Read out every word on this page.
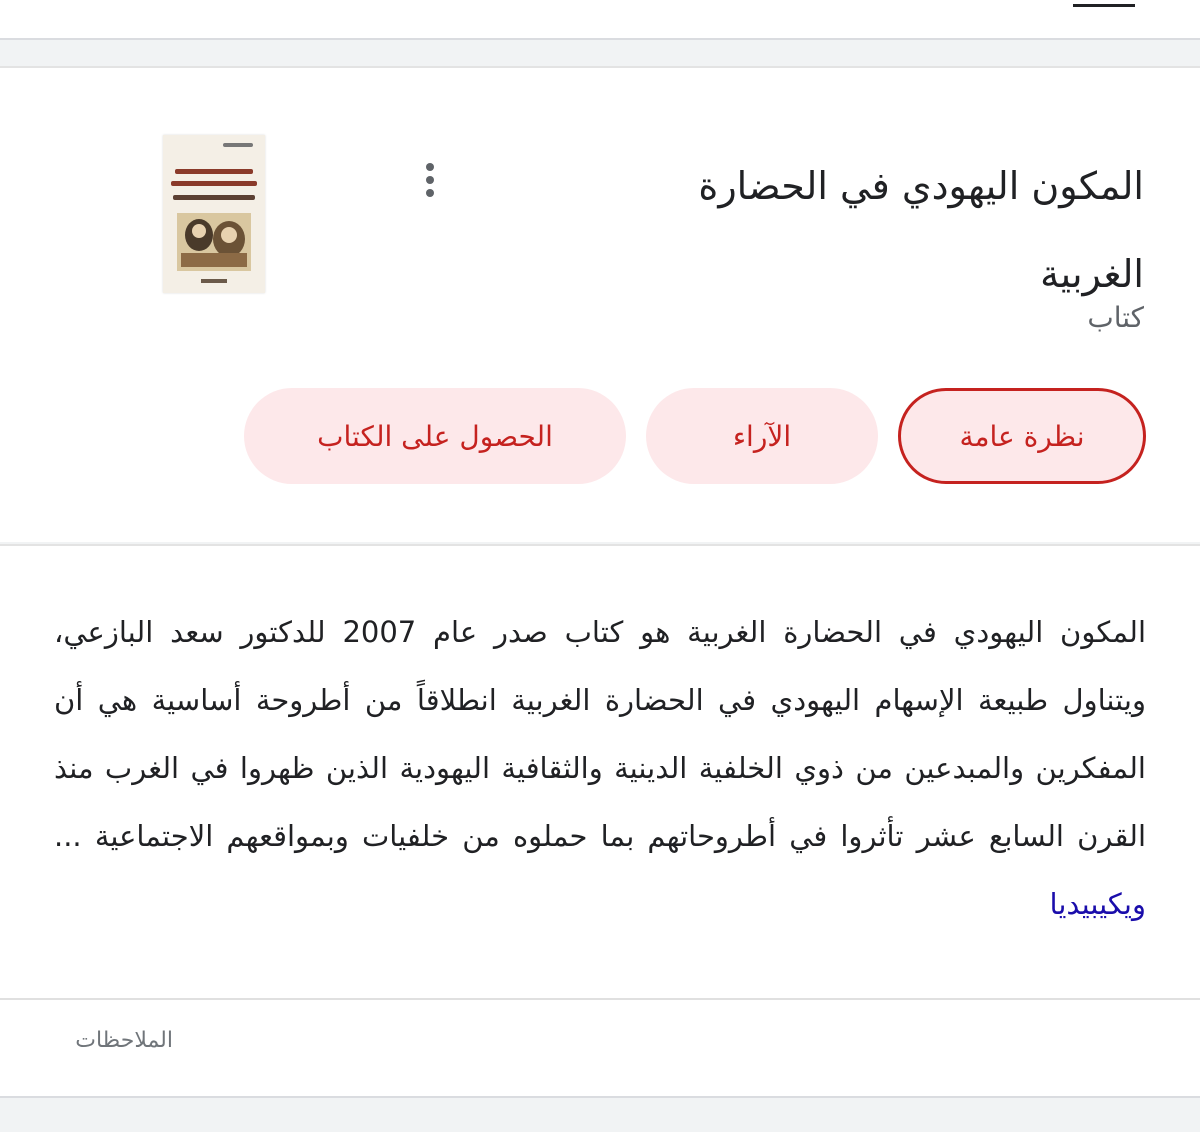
المكون اليهودي في الحضارة الغربية
كتاب
نظرة عامة
الآراء
الحصول على الكتاب

المكون اليهودي في الحضارة الغربية هو كتاب صدر عام 2007 للدكتور سعد البازعي، ويتناول طبيعة الإسهام اليهودي في الحضارة الغربية انطلاقاً من أطروحة أساسية هي أن المفكرين والمبدعين من ذوي الخلفية الدينية والثقافية اليهودية الذين ظهروا في الغرب منذ القرن السابع عشر تأثروا في أطروحاتهم بما حملوه من خلفيات وبمواقعهم الاجتماعية ... ويكيبيديا

الملاحظات
